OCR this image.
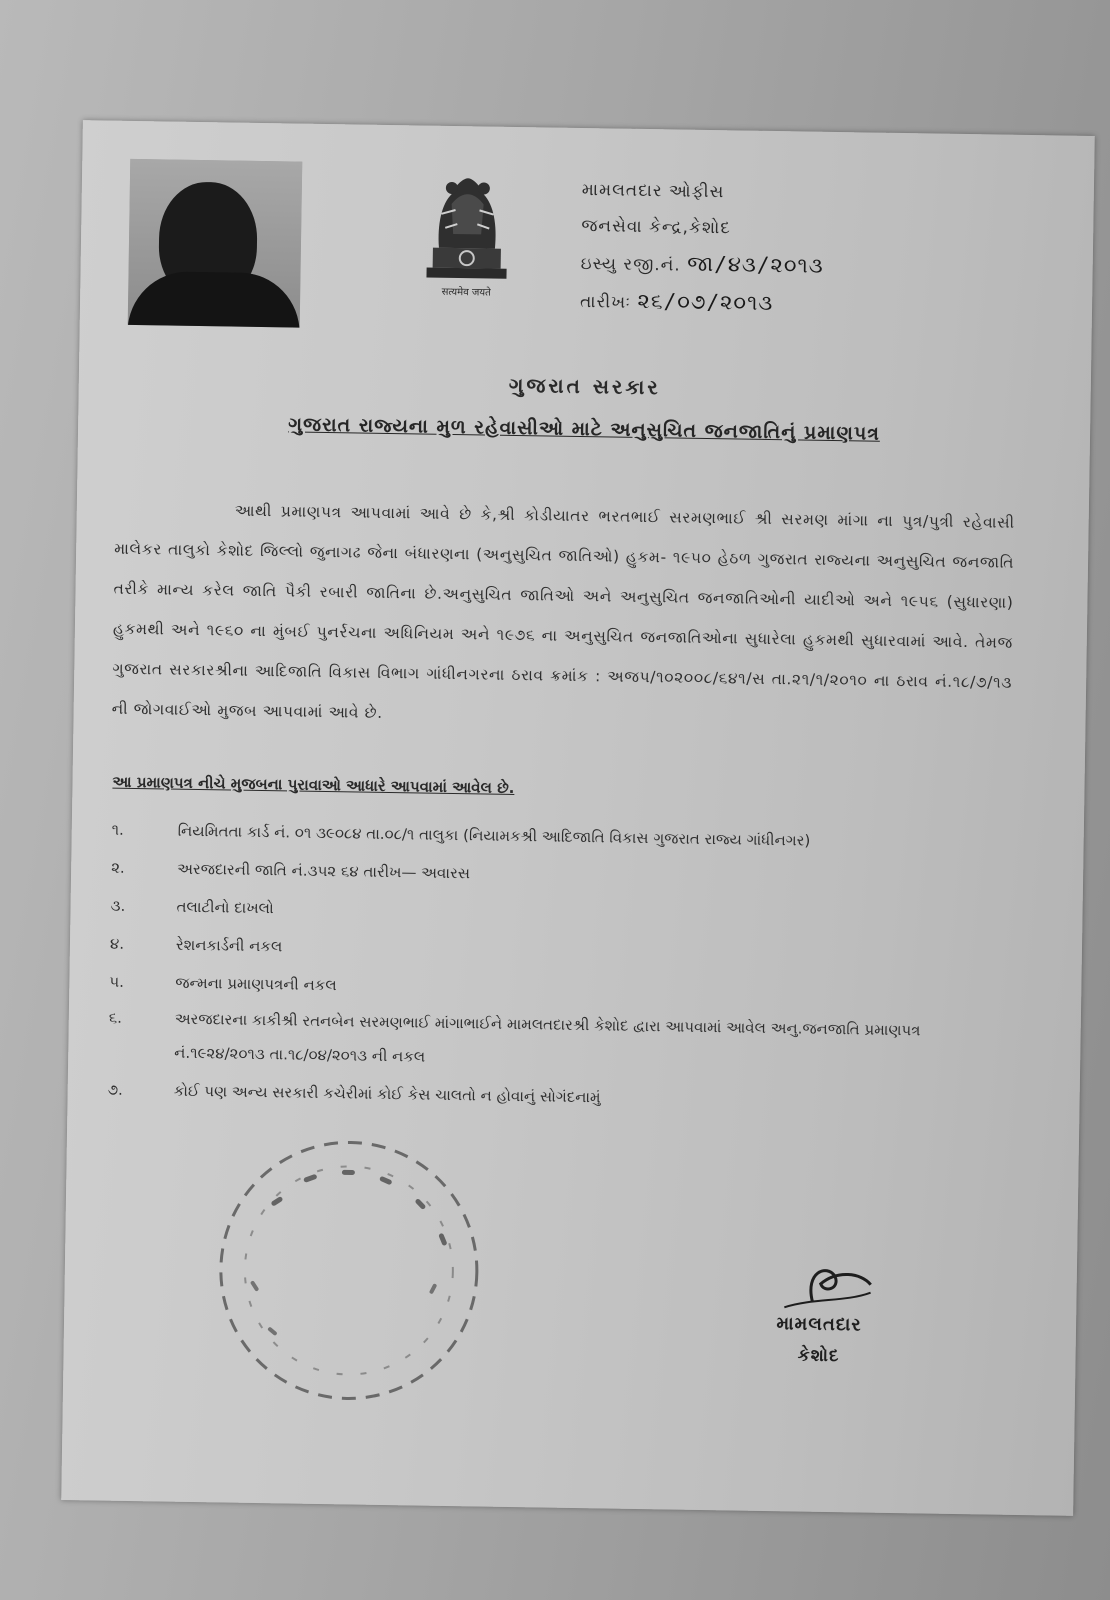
सत्यमेव जयते
મામલતદાર ઓફીસ
જનસેવા કેન્દ્ર,કેશોદ
ઇસ્યુ રજી.નં. જા/૪૩/૨૦૧૩
તારીખઃ ૨૬/૦૭/૨૦૧૩
ગુજરાત સરકાર
ગુજરાત રાજ્યના મુળ રહેવાસીઓ માટે અનુસુચિત જનજાતિનું પ્રમાણપત્ર

આથી પ્રમાણપત્ર આપવામાં આવે છે કે,શ્રી કોડીયાતર ભરતભાઈ સરમણભાઈ શ્રી સરમણ માંગા ના પુત્ર/પુત્રી રહેવાસી માલેકર તાલુકો કેશોદ જિલ્લો જુનાગઢ જેના બંધારણના (અનુસુચિત જાતિઓ) હુકમ- ૧૯૫૦ હેઠળ ગુજરાત રાજ્યના અનુસુચિત જનજાતિ તરીકે માન્ય કરેલ જાતિ પૈકી રબારી જાતિના છે.અનુસુચિત જાતિઓ અને અનુસુચિત જનજાતિઓની યાદીઓ અને ૧૯૫૬ (સુધારણા) હુકમથી અને ૧૯૬૦ ના મુંબઈ પુનર્રચના અધિનિયમ અને ૧૯૭૬ ના અનુસુચિત જનજાતિઓના સુધારેલા હુકમથી સુધારવામાં આવે. તેમજ ગુજરાત સરકારશ્રીના આદિજાતિ વિકાસ વિભાગ ગાંધીનગરના ઠરાવ ક્રમાંક : અજપ/૧૦૨૦૦૮/૬૪૧/સ તા.૨૧/૧/૨૦૧૦ ના ઠરાવ નં.૧૮/૭/૧૩ ની જોગવાઈઓ મુજબ આપવામાં આવે છે.

આ પ્રમાણપત્ર નીચે મુજબના પુરાવાઓ આધારે આપવામાં આવેલ છે.
૧.	નિયમિતતા કાર્ડ નં. ૦૧ ૩૯૦૮૪ તા.૦૮/૧ તાલુકા (નિયામકશ્રી આદિજાતિ વિકાસ ગુજરાત રાજ્ય ગાંધીનગર)
૨.	અરજદારની જાતિ નં.૩૫૨ ૬૪ તારીખ— અવારસ
૩.	તલાટીનો દાખલો
૪.	રેશનકાર્ડની નકલ
૫.	જન્મના પ્રમાણપત્રની નકલ
૬.	અરજદારના કાકીશ્રી રતનબેન સરમણભાઈ માંગાભાઈને મામલતદારશ્રી કેશોદ દ્વારા આપવામાં આવેલ અનુ.જનજાતિ પ્રમાણપત્ર નં.૧૯૨૪/૨૦૧૩ તા.૧૮/૦૪/૨૦૧૩ ની નકલ
૭.	કોઈ પણ અન્ય સરકારી કચેરીમાં કોઈ કેસ ચાલતો ન હોવાનું સોગંદનામું
મામલતદાર
કેશોદ
